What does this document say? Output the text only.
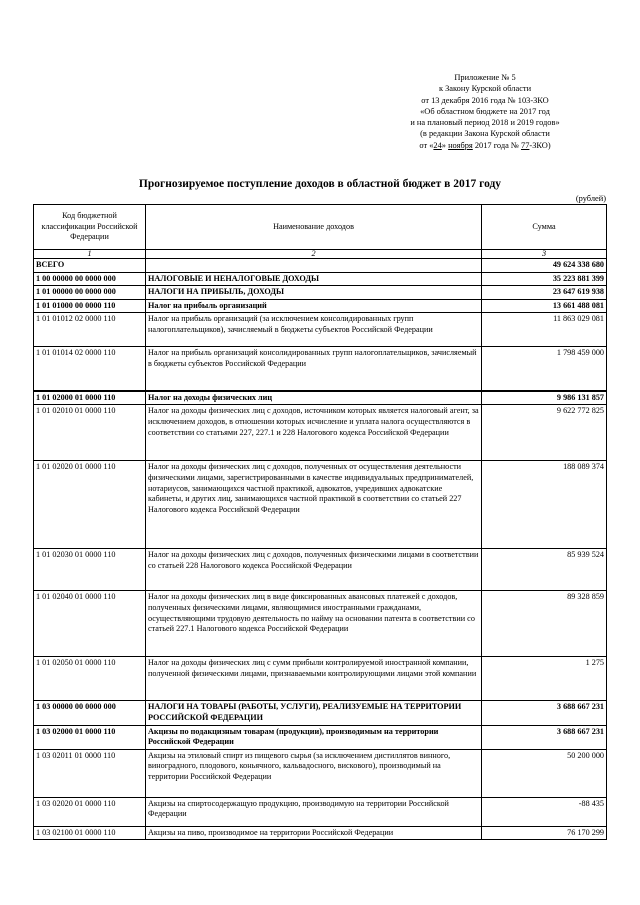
Приложение № 5
к Закону Курской области
от 13 декабря 2016 года № 103-ЗКО
«Об областном бюджете на 2017 год
и на плановый период 2018 и 2019 годов»
(в редакции Закона Курской области
от «24» ноября 2017 года № 77-ЗКО)
Прогнозируемое поступление доходов в областной бюджет в 2017 году
(рублей)
Код бюджетной классификации Российской Федерации	Наименование доходов	Сумма
1	2	3
ВСЕГО		49 624 338 680
1 00 00000 00 0000 000	НАЛОГОВЫЕ И НЕНАЛОГОВЫЕ ДОХОДЫ	35 223 881 399
1 01 00000 00 0000 000	НАЛОГИ НА ПРИБЫЛЬ, ДОХОДЫ	23 647 619 938
1 01 01000 00 0000 110	Налог на прибыль организаций	13 661 488 081
1 01 01012 02 0000 110	Налог на прибыль организаций (за исключением консолидированных групп налогоплательщиков), зачисляемый в бюджеты субъектов Российской Федерации	11 863 029 081
1 01 01014 02 0000 110	Налог на прибыль организаций консолидированных групп налогоплательщиков, зачисляемый в бюджеты субъектов Российской Федерации	1 798 459 000
1 01 02000 01 0000 110	Налог на доходы физических лиц	9 986 131 857
1 01 02010 01 0000 110	Налог на доходы физических лиц с доходов, источником которых является налоговый агент, за исключением доходов, в отношении которых исчисление и уплата налога осуществляются в соответствии со статьями 227, 227.1 и 228 Налогового кодекса Российской Федерации	9 622 772 825
1 01 02020 01 0000 110	Налог на доходы физических лиц с доходов, полученных от осуществления деятельности физическими лицами, зарегистрированными в качестве индивидуальных предпринимателей, нотариусов, занимающихся частной практикой, адвокатов, учредивших адвокатские кабинеты, и других лиц, занимающихся частной практикой в соответствии со статьей 227 Налогового кодекса Российской Федерации	188 089 374
1 01 02030 01 0000 110	Налог на доходы физических лиц с доходов, полученных физическими лицами в соответствии со статьей 228 Налогового кодекса Российской Федерации	85 939 524
1 01 02040 01 0000 110	Налог на доходы физических лиц в виде фиксированных авансовых платежей с доходов, полученных физическими лицами, являющимися иностранными гражданами, осуществляющими трудовую деятельность по найму на основании патента в соответствии со статьей 227.1 Налогового кодекса Российской Федерации	89 328 859
1 01 02050 01 0000 110	Налог на доходы физических лиц с сумм прибыли контролируемой иностранной компании, полученной физическими лицами, признаваемыми контролирующими лицами этой компании	1 275
1 03 00000 00 0000 000	НАЛОГИ НА ТОВАРЫ (РАБОТЫ, УСЛУГИ), РЕАЛИЗУЕМЫЕ НА ТЕРРИТОРИИ РОССИЙСКОЙ ФЕДЕРАЦИИ	3 688 667 231
1 03 02000 01 0000 110	Акцизы по подакцизным товарам (продукции), производимым на территории Российской Федерации	3 688 667 231
1 03 02011 01 0000 110	Акцизы на этиловый спирт из пищевого сырья (за исключением дистиллятов винного, виноградного, плодового, коньячного, кальвадосного, вискового), производимый на территории Российской Федерации	50 200 000
1 03 02020 01 0000 110	Акцизы на спиртосодержащую продукцию, производимую на территории Российской Федерации	-88 435
1 03 02100 01 0000 110	Акцизы на пиво, производимое на территории Российской Федерации	76 170 299
